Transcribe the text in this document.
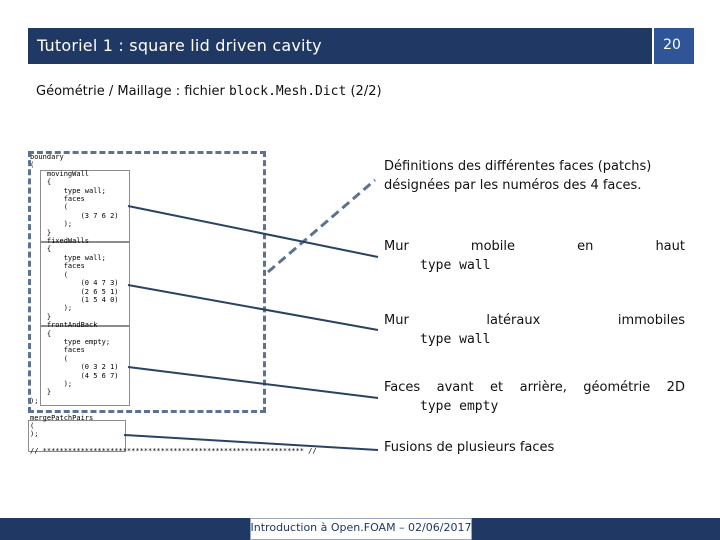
Tutoriel 1 : square lid driven cavity	20
Géométrie / Maillage : fichier block.Mesh.Dict (2/2)
boundary
(
movingWall
{
type wall;
faces
(
(3 7 6 2)
);
}
fixedWalls
{
type wall;
faces
(
(0 4 7 3)
(2 6 5 1)
(1 5 4 0)
);
}
frontAndBack
{
type empty;
faces
(
(0 3 2 1)
(4 5 6 7)
);
}
);

mergePatchPairs
(
);

// ************************************************************** //
Définitions des différentes faces (patchs) désignées par les numéros des 4 faces.
Mur	mobile	en	haut
type wall
Mur	latéraux	immobiles
type wall
Faces avant et arrière, géométrie 2D
type empty
Fusions de plusieurs faces
Introduction à Open.FOAM – 02/06/2017
